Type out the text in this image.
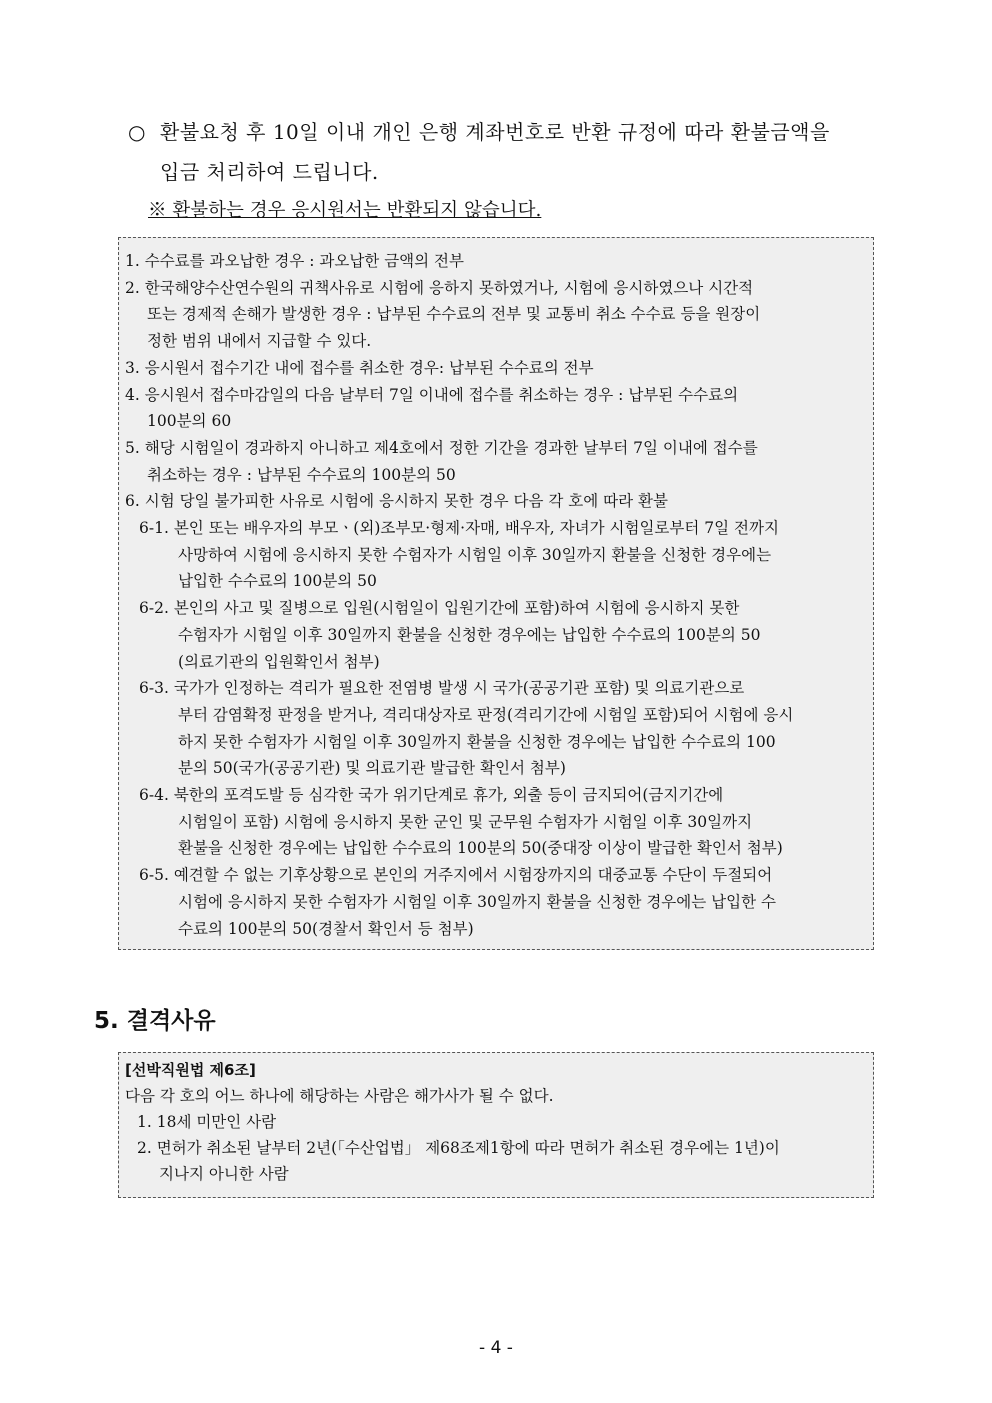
○ 환불요청 후 10일 이내 개인 은행 계좌번호로 반환 규정에 따라 환불금액을
입금 처리하여 드립니다.
※ 환불하는 경우 응시원서는 반환되지 않습니다.
1. 수수료를 과오납한 경우 : 과오납한 금액의 전부
2. 한국해양수산연수원의 귀책사유로 시험에 응하지 못하였거나, 시험에 응시하였으나 시간적
또는 경제적 손해가 발생한 경우 : 납부된 수수료의 전부 및 교통비 취소 수수료 등을 원장이
정한 범위 내에서 지급할 수 있다.
3. 응시원서 접수기간 내에 접수를 취소한 경우: 납부된 수수료의 전부
4. 응시원서 접수마감일의 다음 날부터 7일 이내에 접수를 취소하는 경우 : 납부된 수수료의
100분의 60
5. 해당 시험일이 경과하지 아니하고 제4호에서 정한 기간을 경과한 날부터 7일 이내에 접수를
취소하는 경우 : 납부된 수수료의 100분의 50
6. 시험 당일 불가피한 사유로 시험에 응시하지 못한 경우 다음 각 호에 따라 환불
6-1. 본인 또는 배우자의 부모ㆍ(외)조부모·형제·자매, 배우자, 자녀가 시험일로부터 7일 전까지
사망하여 시험에 응시하지 못한 수험자가 시험일 이후 30일까지 환불을 신청한 경우에는
납입한 수수료의 100분의 50
6-2. 본인의 사고 및 질병으로 입원(시험일이 입원기간에 포함)하여 시험에 응시하지 못한
수험자가 시험일 이후 30일까지 환불을 신청한 경우에는 납입한 수수료의 100분의 50
(의료기관의 입원확인서 첨부)
6-3. 국가가 인정하는 격리가 필요한 전염병 발생 시 국가(공공기관 포함) 및 의료기관으로
부터 감염확정 판정을 받거나, 격리대상자로 판정(격리기간에 시험일 포함)되어 시험에 응시
하지 못한 수험자가 시험일 이후 30일까지 환불을 신청한 경우에는 납입한 수수료의 100
분의 50(국가(공공기관) 및 의료기관 발급한 확인서 첨부)
6-4. 북한의 포격도발 등 심각한 국가 위기단계로 휴가, 외출 등이 금지되어(금지기간에
시험일이 포함) 시험에 응시하지 못한 군인 및 군무원 수험자가 시험일 이후 30일까지
환불을 신청한 경우에는 납입한 수수료의 100분의 50(중대장 이상이 발급한 확인서 첨부)
6-5. 예견할 수 없는 기후상황으로 본인의 거주지에서 시험장까지의 대중교통 수단이 두절되어
시험에 응시하지 못한 수험자가 시험일 이후 30일까지 환불을 신청한 경우에는 납입한 수
수료의 100분의 50(경찰서 확인서 등 첨부)
5. 결격사유
[선박직원법 제6조]
다음 각 호의 어느 하나에 해당하는 사람은 해가사가 될 수 없다.
1. 18세 미만인 사람
2. 면허가 취소된 날부터 2년(「수산업법」 제68조제1항에 따라 면허가 취소된 경우에는 1년)이
지나지 아니한 사람
- 4 -
